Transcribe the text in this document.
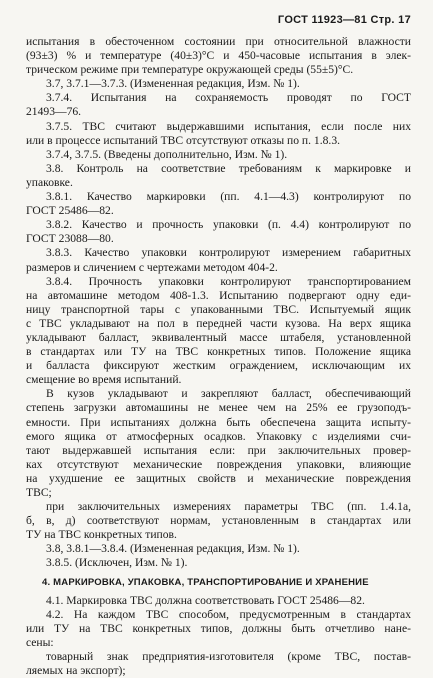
ГОСТ 11923—81 Стр. 17
испытания в обесточенном состоянии при относительной влажности
(93±3) % и температуре (40±3)°С и 450-часовые испытания в элек-
трическом режиме при температуре окружающей среды (55±5)°С.
3.7, 3.7.1—3.7.3. (Измененная редакция, Изм. № 1).
3.7.4. Испытания на сохраняемость проводят по ГОСТ
21493—76.
3.7.5. ТВС считают выдержавшими испытания, если после них
или в процессе испытаний ТВС отсутствуют отказы по п. 1.8.3.
3.7.4, 3.7.5. (Введены дополнительно, Изм. № 1).
3.8. Контроль на соответствие требованиям к маркировке и
упаковке.
3.8.1. Качество маркировки (пп. 4.1—4.3) контролируют по
ГОСТ 25486—82.
3.8.2. Качество и прочность упаковки (п. 4.4) контролируют по
ГОСТ 23088—80.
3.8.3. Качество упаковки контролируют измерением габаритных
размеров и сличением с чертежами методом 404-2.
3.8.4. Прочность упаковки контролируют транспортированием
на автомашине методом 408-1.3. Испытанию подвергают одну еди-
ницу транспортной тары с упакованными ТВС. Испытуемый ящик
с ТВС укладывают на пол в передней части кузова. На верх ящика
укладывают балласт, эквивалентный массе штабеля, установленной
в стандартах или ТУ на ТВС конкретных типов. Положение ящика
и балласта фиксируют жестким ограждением, исключающим их
смещение во время испытаний.
В кузов укладывают и закрепляют балласт, обеспечивающий
степень загрузки автомашины не менее чем на 25% ее грузоподъ-
емности. При испытаниях должна быть обеспечена защита испыту-
емого ящика от атмосферных осадков. Упаковку с изделиями счи-
тают выдержавшей испытания если: при заключительных провер-
ках отсутствуют механические повреждения упаковки, влияющие
на ухудшение ее защитных свойств и механические повреждения
ТВС;
при заключительных измерениях параметры ТВС (пп. 1.4.1а,
б, в, д) соответствуют нормам, установленным в стандартах или
ТУ на ТВС конкретных типов.
3.8, 3.8.1—3.8.4. (Измененная редакция, Изм. № 1).
3.8.5. (Исключен, Изм. № 1).
4. МАРКИРОВКА, УПАКОВКА, ТРАНСПОРТИРОВАНИЕ И ХРАНЕНИЕ
4.1. Маркировка ТВС должна соответствовать ГОСТ 25486—82.
4.2. На каждом ТВС способом, предусмотренным в стандартах
или ТУ на ТВС конкретных типов, должны быть отчетливо нане-
сены:
товарный знак предприятия-изготовителя (кроме ТВС, постав-
ляемых на экспорт);
